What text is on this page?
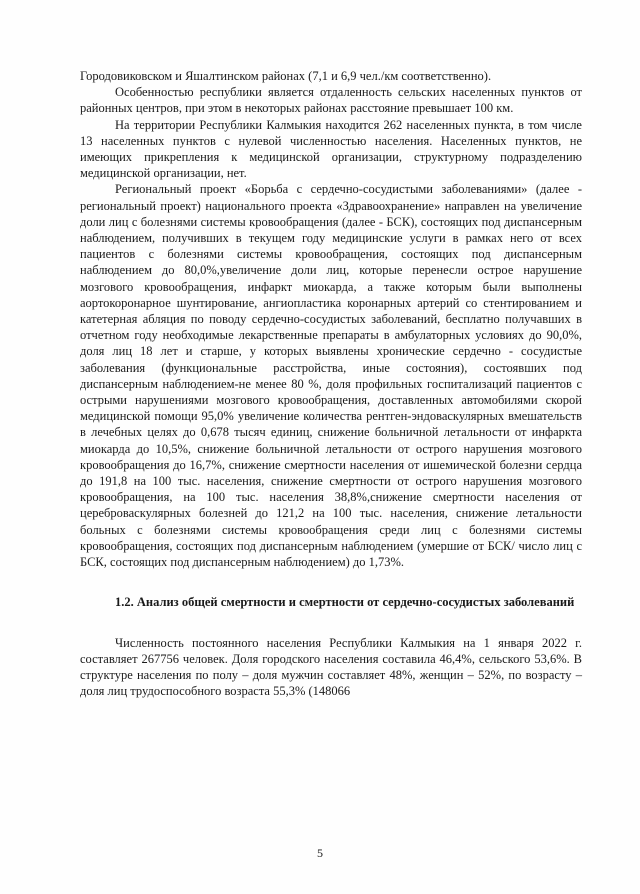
Городовиковском и Яшалтинском районах (7,1 и 6,9 чел./км соответственно).

Особенностью республики является отдаленность сельских населенных пунктов от районных центров, при этом в некоторых районах расстояние превышает 100 км.

На территории Республики Калмыкия находится 262 населенных пункта, в том числе 13 населенных пунктов с нулевой численностью населения. Населенных пунктов, не имеющих прикрепления к медицинской организации, структурному подразделению медицинской организации, нет.

Региональный проект «Борьба с сердечно-сосудистыми заболеваниями» (далее - региональный проект) национального проекта «Здравоохранение» направлен на увеличение доли лиц с болезнями системы кровообращения (далее - БСК), состоящих под диспансерным наблюдением, получивших в текущем году медицинские услуги в рамках него от всех пациентов с болезнями системы кровообращения, состоящих под диспансерным наблюдением до 80,0%,увеличение доли лиц, которые перенесли острое нарушение мозгового кровообращения, инфаркт миокарда, а также которым были выполнены аортокоронарное шунтирование, ангиопластика коронарных артерий со стентированием и катетерная абляция по поводу сердечно-сосудистых заболеваний, бесплатно получавших в отчетном году необходимые лекарственные препараты в амбулаторных условиях до 90,0%, доля лиц 18 лет и старше, у которых выявлены хронические сердечно - сосудистые заболевания (функциональные расстройства, иные состояния), состоявших под диспансерным наблюдением-не менее 80 %, доля профильных госпитализаций пациентов с острыми нарушениями мозгового кровообращения, доставленных автомобилями скорой медицинской помощи 95,0% увеличение количества рентген-эндоваскулярных вмешательств в лечебных целях до 0,678 тысяч единиц, снижение больничной летальности от инфаркта миокарда до 10,5%, снижение больничной летальности от острого нарушения мозгового кровообращения до 16,7%, снижение смертности населения от ишемической болезни сердца до 191,8 на 100 тыс. населения, снижение смертности от острого нарушения мозгового кровообращения, на 100 тыс. населения 38,8%,снижение смертности населения от цереброваскулярных болезней до 121,2 на 100 тыс. населения, снижение летальности больных с болезнями системы кровообращения среди лиц с болезнями системы кровообращения, состоящих под диспансерным наблюдением (умершие от БСК/ число лиц с БСК, состоящих под диспансерным наблюдением) до 1,73%.

1.2. Анализ общей смертности и смертности от сердечно-сосудистых заболеваний

Численность постоянного населения Республики Калмыкия на 1 января 2022 г. составляет 267756 человек. Доля городского населения составила 46,4%, сельского 53,6%. В структуре населения по полу – доля мужчин составляет 48%, женщин – 52%, по возрасту – доля лиц трудоспособного возраста 55,3% (148066

5
